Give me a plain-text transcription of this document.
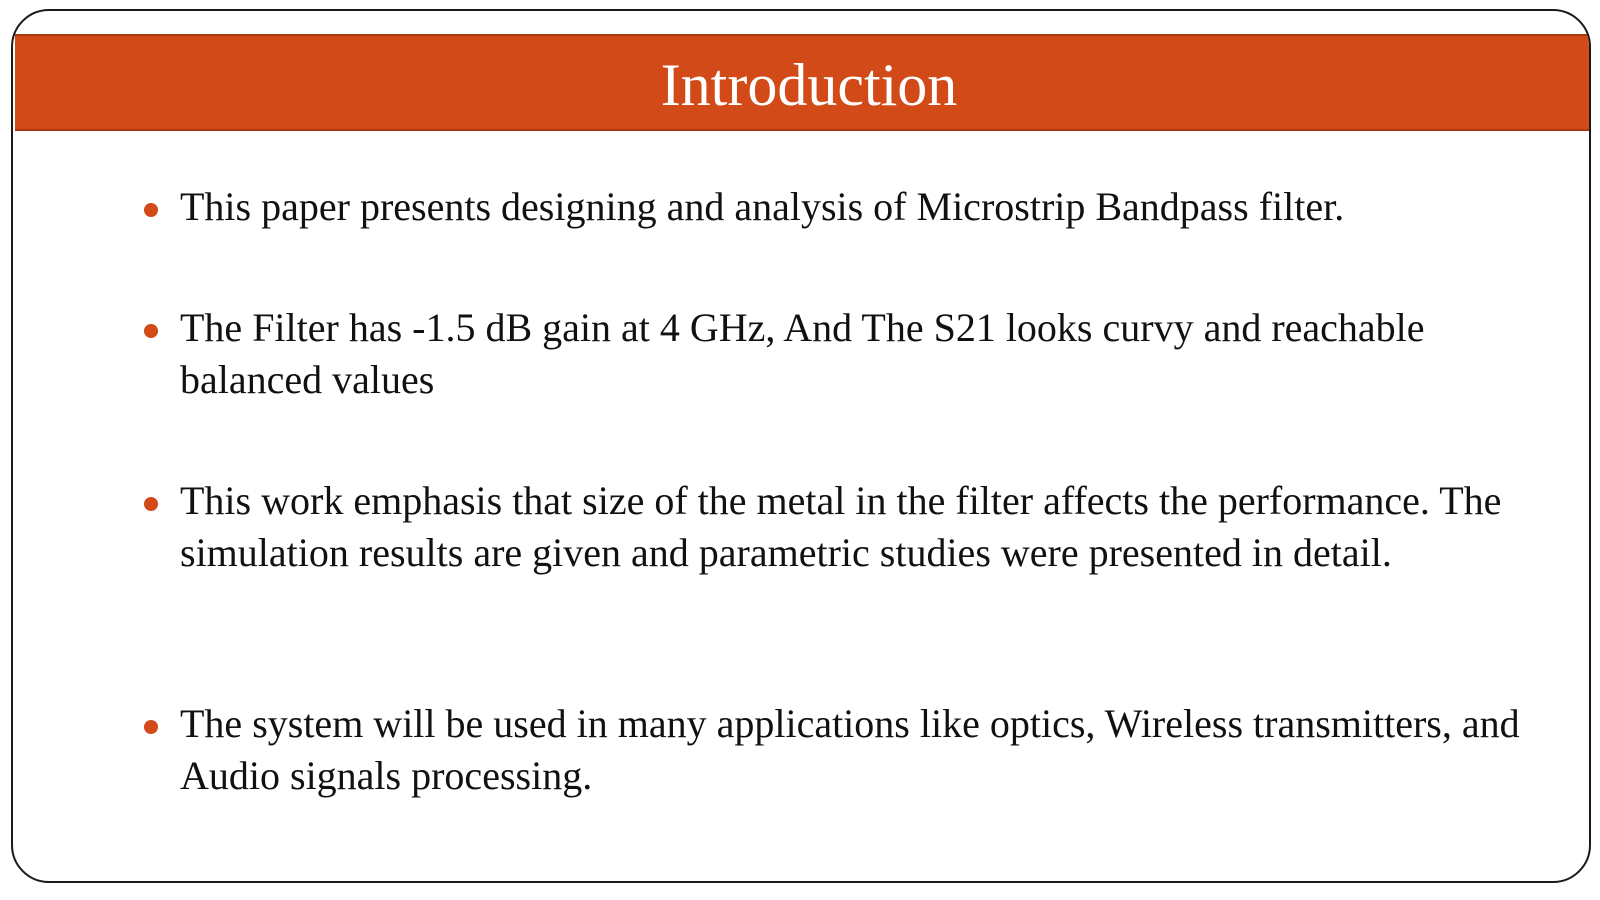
Introduction

This paper presents designing and analysis of Microstrip Bandpass filter.

The Filter has -1.5 dB gain at 4 GHz, And The S21 looks curvy and reachable balanced values

This work emphasis that size of the metal in the filter affects the performance. The simulation results are given and parametric studies were presented in detail.

The system will be used in many applications like optics, Wireless transmitters, and Audio signals processing.
